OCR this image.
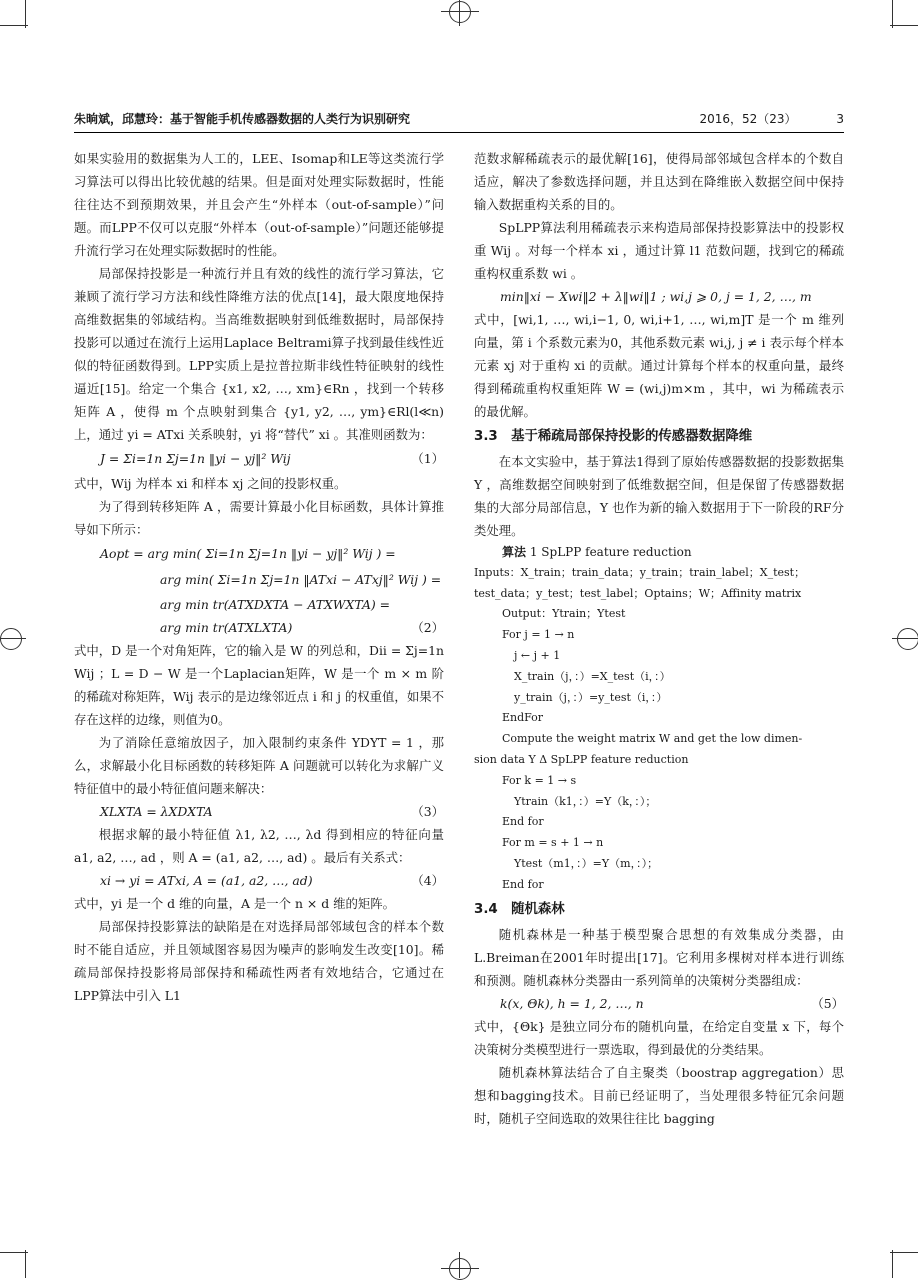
朱晌斌，邱慧玲：基于智能手机传感器数据的人类行为识别研究	2016，52（23）	3

如果实验用的数据集为人工的，LEE、Isomap和LE等这类流行学习算法可以得出比较优越的结果。但是面对处理实际数据时，性能往往达不到预期效果，并且会产生“外样本（out-of-sample）”问题。而LPP不仅可以克服“外样本（out-of-sample）”问题还能够提升流行学习在处理实际数据时的性能。

局部保持投影是一种流行并且有效的线性的流行学习算法，它兼顾了流行学习方法和线性降维方法的优点[14]，最大限度地保持高维数据集的邻域结构。当高维数据映射到低维数据时，局部保持投影可以通过在流行上运用Laplace Beltrami算子找到最佳线性近似的特征函数得到。LPP实质上是拉普拉斯非线性特征映射的线性逼近[15]。给定一个集合 {x1, x2, …, xm}∈Rn ，找到一个转移矩阵 A ，使得 m 个点映射到集合 {y1, y2, …, ym}∈Rl(l≪n) 上，通过 yi = ATxi 关系映射，yi 将“替代” xi 。其准则函数为：

J = Σi=1n Σj=1n ‖yi − yj‖² Wij	（1）

式中，Wij 为样本 xi 和样本 xj 之间的投影权重。

为了得到转移矩阵 A ，需要计算最小化目标函数，具体计算推导如下所示：

Aopt = arg min( Σi=1n Σj=1n ‖yi − yj‖² Wij ) =

arg min( Σi=1n Σj=1n ‖ATxi − ATxj‖² Wij ) =

arg min tr(ATXDXTA − ATXWXTA) =

arg min tr(ATXLXTA)	（2）

式中，D 是一个对角矩阵，它的输入是 W 的列总和，Dii = Σj=1n Wij ；L = D − W 是一个Laplacian矩阵，W 是一个 m × m 阶的稀疏对称矩阵，Wij 表示的是边缘邻近点 i 和 j 的权重值，如果不存在这样的边缘，则值为0。

为了消除任意缩放因子，加入限制约束条件 YDYT = 1 ，那么，求解最小化目标函数的转移矩阵 A 问题就可以转化为求解广义特征值中的最小特征值问题来解决：

XLXTA = λXDXTA	（3）

根据求解的最小特征值 λ1, λ2, …, λd 得到相应的特征向量 a1, a2, …, ad ，则 A = (a1, a2, …, ad) 。最后有关系式：

xi → yi = ATxi, A = (a1, a2, …, ad)	（4）

式中，yi 是一个 d 维的向量，A 是一个 n × d 维的矩阵。

局部保持投影算法的缺陷是在对选择局部邻域包含的样本个数时不能自适应，并且领域图容易因为噪声的影响发生改变[10]。稀疏局部保持投影将局部保持和稀疏性两者有效地结合，它通过在LPP算法中引入 L1

范数求解稀疏表示的最优解[16]，使得局部邻域包含样本的个数自适应，解决了参数选择问题，并且达到在降维嵌入数据空间中保持输入数据重构关系的目的。

SpLPP算法利用稀疏表示来构造局部保持投影算法中的投影权重 Wij 。对每一个样本 xi ，通过计算 l1 范数问题，找到它的稀疏重构权重系数 wi 。

min‖xi − Xwi‖2 + λ‖wi‖1 ; wi,j ⩾ 0, j = 1, 2, …, m

式中，[wi,1, …, wi,i−1, 0, wi,i+1, …, wi,m]T 是一个 m 维列向量，第 i 个系数元素为0，其他系数元素 wi,j, j ≠ i 表示每个样本元素 xj 对于重构 xi 的贡献。通过计算每个样本的权重向量，最终得到稀疏重构权重矩阵 W = (wi,j)m×m ，其中，wi 为稀疏表示的最优解。

3.3　基于稀疏局部保持投影的传感器数据降维

在本文实验中，基于算法1得到了原始传感器数据的投影数据集 Y ，高维数据空间映射到了低维数据空间，但是保留了传感器数据集的大部分局部信息，Y 也作为新的输入数据用于下一阶段的RF分类处理。

算法 1 SpLPP feature reduction
Inputs：X_train；train_data；y_train；train_label；X_test；test_data；y_test；test_label；Optains；W；Affinity matrix
Output：Ytrain；Ytest
For j = 1 → n
j ← j + 1
X_train（j，：）=X_test（i，：）
y_train（j，：）=y_test（i，：）
EndFor
Compute the weight matrix W and get the low dimen-
sion data Y Δ SpLPP feature reduction
For k = 1 → s
Ytrain（k1，：）=Y（k，：）；
End for
For m = s + 1 → n
Ytest（m1，：）=Y（m，：）；
End for
3.4　随机森林

随机森林是一种基于模型聚合思想的有效集成分类器，由L.Breiman在2001年时提出[17]。它利用多棵树对样本进行训练和预测。随机森林分类器由一系列简单的决策树分类器组成：

k(x, Θk), h = 1, 2, …, n	（5）

式中，{Θk} 是独立同分布的随机向量，在给定自变量 x 下，每个决策树分类模型进行一票选取，得到最优的分类结果。

随机森林算法结合了自主聚类（boostrap aggregation）思想和bagging技术。目前已经证明了，当处理很多特征冗余问题时，随机子空间选取的效果往往比 bagging
